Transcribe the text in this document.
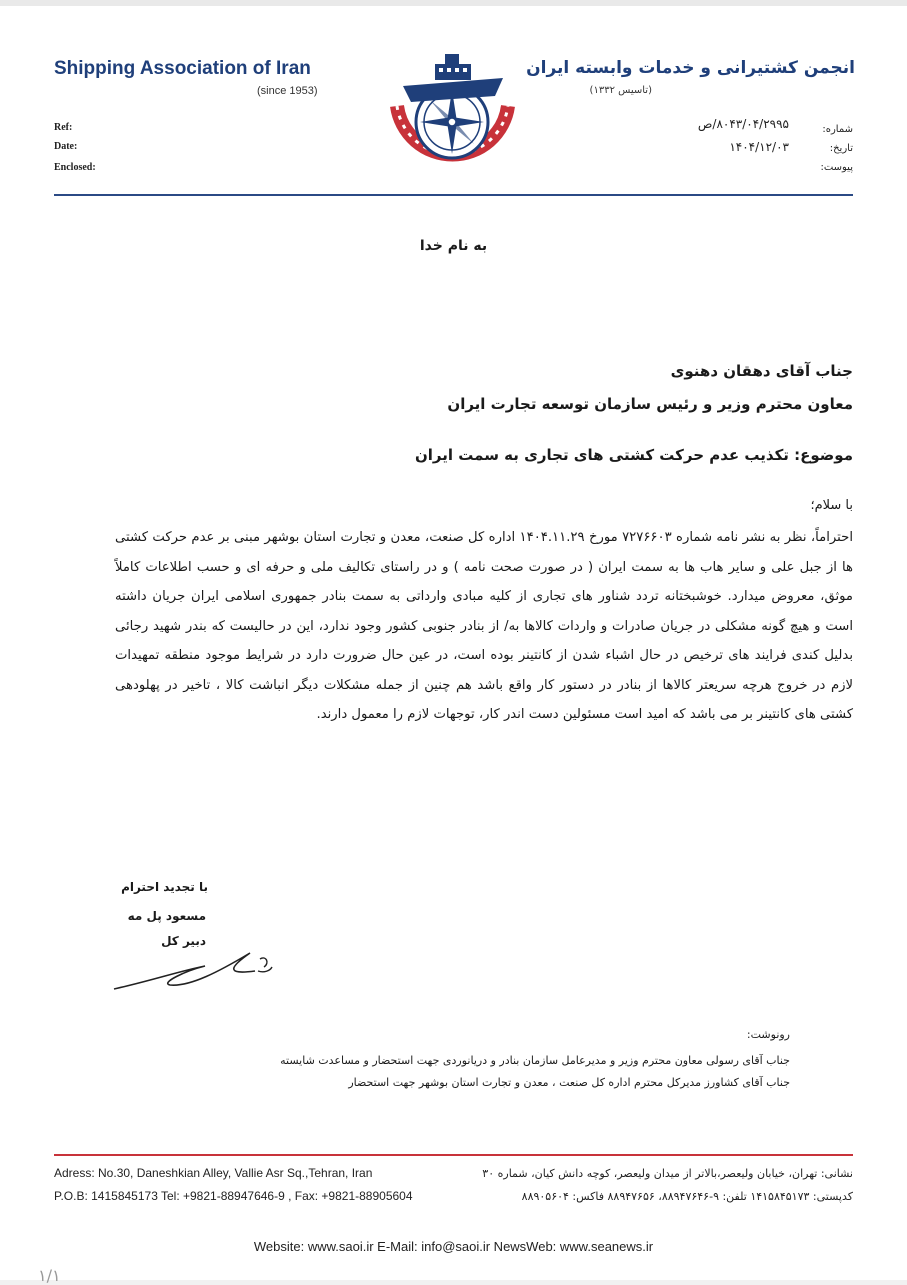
Shipping Association of Iran
(since 1953)
انجمن کشتیرانی و خدمات وابسته ایران
(تاسیس ۱۳۳۲)
Ref:
Date:
Enclosed:
شماره:
تاریخ:
پیوست:
۸۰۴۳/۰۴/۲۹۹۵/ص
۱۴۰۴/۱۲/۰۳
به نام خدا
جناب آقای دهقان دهنوی
معاون محترم وزیر و رئیس سازمان توسعه تجارت ایران
موضوع: تکذیب عدم حرکت کشتی های تجاری به سمت ایران
با سلام؛
احتراماً، نظر به نشر نامه شماره ۷۲۷۶۶۰۳ مورخ ۱۴۰۴.۱۱.۲۹ اداره کل صنعت، معدن و تجارت استان بوشهر مبنی بر عدم حرکت کشتی ها از جبل علی و سایر هاب ها به سمت ایران ( در صورت صحت نامه ) و در راستای تکالیف ملی و حرفه ای و حسب اطلاعات کاملاً موثق، معروض میدارد. خوشبختانه تردد شناور های تجاری از کلیه مبادی وارداتی به سمت بنادر جمهوری اسلامی ایران جریان داشته است و هیچ گونه مشکلی در جریان صادرات و واردات کالاها به/ از بنادر جنوبی کشور وجود ندارد، این در حالیست که بندر شهید رجائی بدلیل کندی فرایند های ترخیص در حال اشباء شدن از کانتینر بوده است، در عین حال ضرورت دارد در شرایط موجود منطقه تمهیدات لازم در خروج هرچه سریعتر کالاها از بنادر در دستور کار واقع باشد هم چنین از جمله مشکلات دیگر انباشت کالا ، تاخیر در پهلودهی کشتی های کانتینر بر می باشد که امید است مسئولین دست اندر کار، توجهات لازم را معمول دارند.
با تجدید احترام
مسعود پل مه
دبیر کل
رونوشت:
جناب آقای رسولی معاون محترم وزیر و مدیرعامل سازمان بنادر و دریانوردی جهت استحضار و مساعدت شایسته
جناب آقای کشاورز مدیرکل محترم اداره کل صنعت ، معدن و تجارت استان بوشهر جهت استحضار
Adress: No.30, Daneshkian Alley, Vallie Asr Sq.,Tehran, Iran
P.O.B: 1415845173 Tel: +9821-88947646-9 , Fax: +9821-88905604
نشانی: تهران، خیابان ولیعصر،بالاتر از میدان ولیعصر، کوچه دانش کیان، شماره ۳۰
کدپستی: ۱۴۱۵۸۴۵۱۷۳ تلفن: ۹-۸۸۹۴۷۶۴۶، ۸۸۹۴۷۶۵۶ فاکس: ۸۸۹۰۵۶۰۴
Website: www.saoi.ir E-Mail: info@saoi.ir NewsWeb: www.seanews.ir
۱/۱
